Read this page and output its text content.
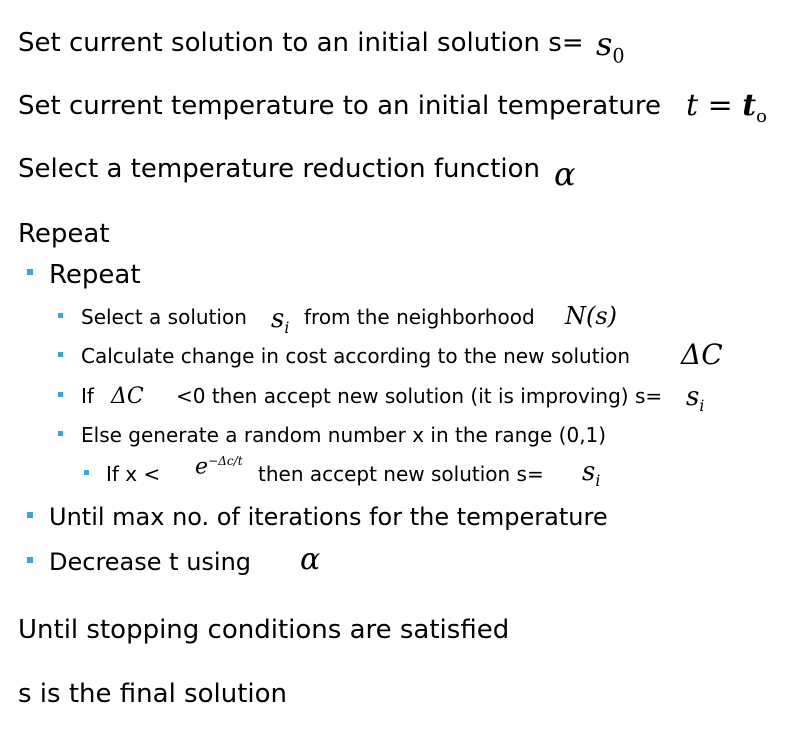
Set current solution to an initial solution $s= s_0$
Set current temperature to an initial temperature $t = t_o$
Select a temperature reduction function α
Repeat
Repeat
Select a solution $s_i$ from the neighborhood N(s)
Calculate change in cost according to the new solution ΔC
If ΔC <0 then accept new solution (it is improving) $s= s_i$
Else generate a random number x in the range (0,1)
If $x < e^{-\Delta c/t}$
then accept new solution $s= s_i$
Until max no. of iterations for the temperature
Decrease t using α
Until stopping conditions are satisfied
s is the final solution
